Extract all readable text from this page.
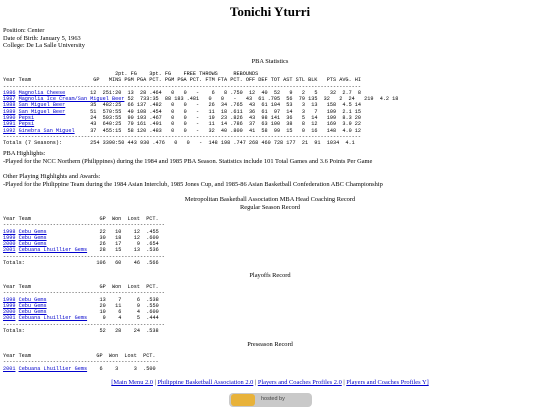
Tonichi Yturri
Position: Center
Date of Birth: January 5, 1963
College: De La Salle University
PBA Statistics
2pt. FG    3pt. FG    FREE THROWS     REBOUNDS
Year Team                    GP   MINS PGM PGA PCT. PGM PGA PCT. FTM FTA PCT. OFF DEF TOT AST STL BLK   PTS AVG. HI
-------------------------------------------------------------------------------------------------------------------
1986 Magnolia Cheese        12  251:20  13  28 .464   0   0   -    6   8 .750  12  40  52   9   2   5    32  2.7  8
1987 Magnolia Ice Cream/San Miguel Beer 52  733:35  88 183 .481   0   0   -   43  61 .705  56  79 135  32   2  24   219  4.2 18
1988 San Miguel Beer        35  482:25  66 137 .482   0   0   -   26  34 .765  43  61 104  53   3  13   158  4.5 14
1989 San Miguel Beer        51  570:55  49 108 .454   0   0   -   11  18 .611  36  61  97  14   3   7   109  2.1 15
1990 Pepsi                  24  503:55  90 193 .467   0   0   -   19  23 .826  43  98 141  36   5  14   199  8.3 20
1991 Pepsi                  43  640:25  79 161 .491   0   0   -   11  14 .786  37  63 100  38   8  12   169  3.9 22
1992 Ginebra San Miguel     37  455:15  58 120 .483   0   0   -   32  40 .800  41  58  99  15   0  16   148  4.0 12
-------------------------------------------------------------------------------------------------------------------
Totals (7 Seasons):         254 3390:50 443 930 .476   0   0   -  148 198 .747 268 460 728 177  21  91  1034  4.1
PBA Highlights:
-Played for the NCC Northern (Philippines) during the 1984 and 1985 PBA Season. Statistics include 101 Total Games and 3.6 Points Per Game
Other Playing Highlights and Awards:
-Played for the Philippine Team during the 1984 Asian Interclub, 1985 Jones Cup, and 1985-86 Asian Basketball Confederation ABC Championship
Metropolitan Basketball Association MBA Head Coaching Record
Regular Season Record
Year Team                      GP  Won  Lost  PCT.
----------------------------------------------------
1998 Cebu Gems                 22   10    12  .455
1999 Cebu Gems                 30   18    12  .600
2000 Cebu Gems                 26   17     9  .654
2001 Cebuana Lhuillier Gems    28   15    13  .536
----------------------------------------------------
Totals:                       106   60    46  .566
Playoffs Record
Year Team                      GP  Won  Lost  PCT.
----------------------------------------------------
1998 Cebu Gems                 13    7     6  .538
1999 Cebu Gems                 20   11     9  .550
2000 Cebu Gems                 10    6     4  .600
2001 Cebuana Lhuillier Gems     9    4     5  .444
----------------------------------------------------
Totals:                        52   28    24  .538
Preseason Record
Year Team                     GP  Won  Lost  PCT.
--------------------------------------------------
2001 Cebuana Lhuillier Gems    6    3     3  .500

[Main Menu 2.0 | Philippine Basketball Association 2.0 | Players and Coaches Profiles 2.0 | Players and Coaches Profiles Y]
hosted by
